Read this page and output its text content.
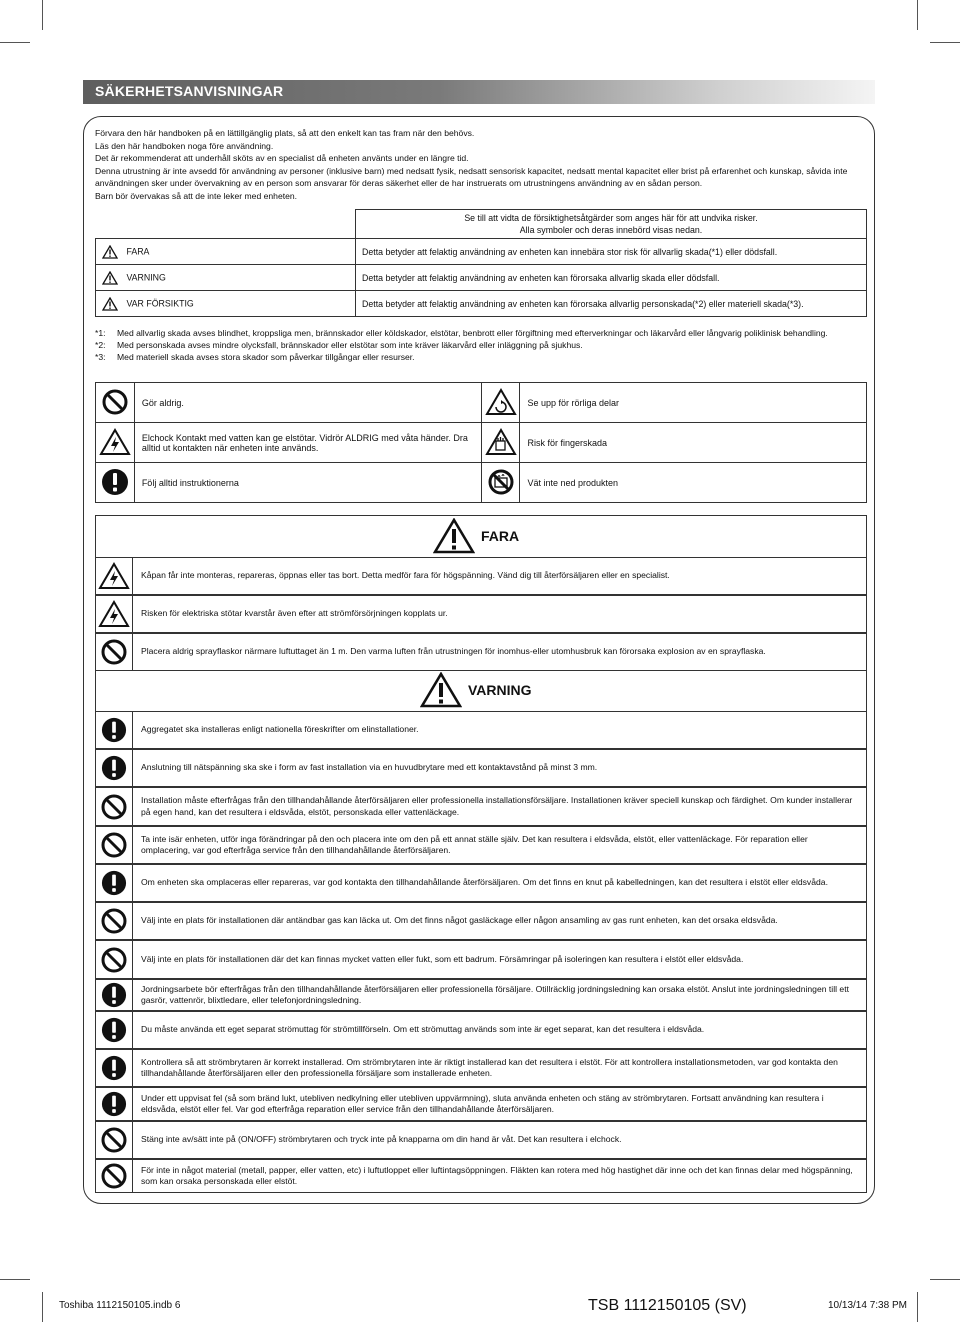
SÄKERHETSANVISNINGAR

Förvara den här handboken på en lättillgänglig plats, så att den enkelt kan tas fram när den behövs.

Läs den här handboken noga före användning.

Det är rekommenderat att underhåll sköts av en specialist då enheten använts under en längre tid.

Denna utrustning är inte avsedd för användning av personer (inklusive barn) med nedsatt fysik, nedsatt sensorisk kapacitet, nedsatt mental kapacitet eller brist på erfarenhet och kunskap, såvida inte användningen sker under övervakning av en person som ansvarar för deras säkerhet eller de har instruerats om utrustningens användning av en sådan person.

Barn bör övervakas så att de inte leker med enheten.

	Se till att vidta de försiktighetsåtgärder som anges här för att undvika risker.
Alla symboler och deras innebörd visas nedan.

FARA	Detta betyder att felaktig användning av enheten kan innebära stor risk för allvarlig skada(*1) eller dödsfall.
VARNING	Detta betyder att felaktig användning av enheten kan förorsaka allvarlig skada eller dödsfall.
VAR FÖRSIKTIG	Detta betyder att felaktig användning av enheten kan förorsaka allvarlig personskada(*2) eller materiell skada(*3).
*1:	Med allvarlig skada avses blindhet, kroppsliga men, brännskador eller köldskador, elstötar, benbrott eller förgiftning med efterverkningar och läkarvård eller långvarig poliklinisk behandling.
*2:	Med personskada avses mindre olycksfall, brännskador eller elstötar som inte kräver läkarvård eller inläggning på sjukhus.
*3:	Med materiell skada avses stora skador som påverkar tillgångar eller resurser.
	Gör aldrig.		Se upp för rörliga delar
	Elchock Kontakt med vatten kan ge elstötar. Vidrör ALDRIG med våta händer. Dra alltid ut kontakten när enheten inte används.		Risk för fingerskada
	Följ alltid instruktionerna		Vät inte ned produkten
FARA
Kåpan får inte monteras, repareras, öppnas eller tas bort. Detta medför fara för högspänning. Vänd dig till återförsäljaren eller en specialist.
Risken för elektriska stötar kvarstår även efter att strömförsörjningen kopplats ur.
Placera aldrig sprayflaskor närmare luftuttaget än 1 m. Den varma luften från utrustningen för inomhus-eller utomhusbruk kan förorsaka explosion av en sprayflaska.
VARNING
Aggregatet ska installeras enligt nationella föreskrifter om elinstallationer.
Anslutning till nätspänning ska ske i form av fast installation via en huvudbrytare med ett kontaktavstånd på minst 3 mm.
Installation måste efterfrågas från den tillhandahållande återförsäljaren eller professionella installationsförsäljare. Installationen kräver speciell kunskap och färdighet. Om kunder installerar på egen hand, kan det resultera i eldsvåda, elstöt, personskada eller vattenläckage.
Ta inte isär enheten, utför inga förändringar på den och placera inte om den på ett annat ställe själv. Det kan resultera i eldsvåda, elstöt, eller vattenläckage. För reparation eller omplacering, var god efterfråga service från den tillhandahållande återförsäljaren.
Om enheten ska omplaceras eller repareras, var god kontakta den tillhandahållande återförsäljaren. Om det finns en knut på kabelledningen, kan det resultera i elstöt eller eldsvåda.
Välj inte en plats för installationen där antändbar gas kan läcka ut. Om det finns något gasläckage eller någon ansamling av gas runt enheten, kan det orsaka eldsvåda.
Välj inte en plats för installationen där det kan finnas mycket vatten eller fukt, som ett badrum. Försämringar på isoleringen kan resultera i elstöt eller eldsvåda.
Jordningsarbete bör efterfrågas från den tillhandahållande återförsäljaren eller professionella försäljare. Otillräcklig jordningsledning kan orsaka elstöt. Anslut inte jordningsledningen till ett gasrör, vattenrör, blixtledare, eller telefonjordningsledning.
Du måste använda ett eget separat strömuttag för strömtillförseln. Om ett strömuttag används som inte är eget separat, kan det resultera i eldsvåda.
Kontrollera så att strömbrytaren är korrekt installerad. Om strömbrytaren inte är riktigt installerad kan det resultera i elstöt. För att kontrollera installationsmetoden, var god kontakta den tillhandahållande återförsäljaren eller den professionella försäljare som installerade enheten.
Under ett uppvisat fel (så som bränd lukt, utebliven nedkylning eller utebliven uppvärmning), sluta använda enheten och stäng av strömbrytaren. Fortsatt användning kan resultera i eldsvåda, elstöt eller fel. Var god efterfråga reparation eller service från den tillhandahållande återförsäljaren.
Stäng inte av/sätt inte på (ON/OFF) strömbrytaren och tryck inte på knapparna om din hand är våt. Det kan resultera i elchock.
För inte in något material (metall, papper, eller vatten, etc) i luftutloppet eller luftintagsöppningen. Fläkten kan rotera med hög hastighet där inne och det kan finnas delar med högspänning, som kan orsaka personskada eller elstöt.
Toshiba 1112150105.indb 6	TSB 1112150105 (SV)	10/13/14 7:38 PM
